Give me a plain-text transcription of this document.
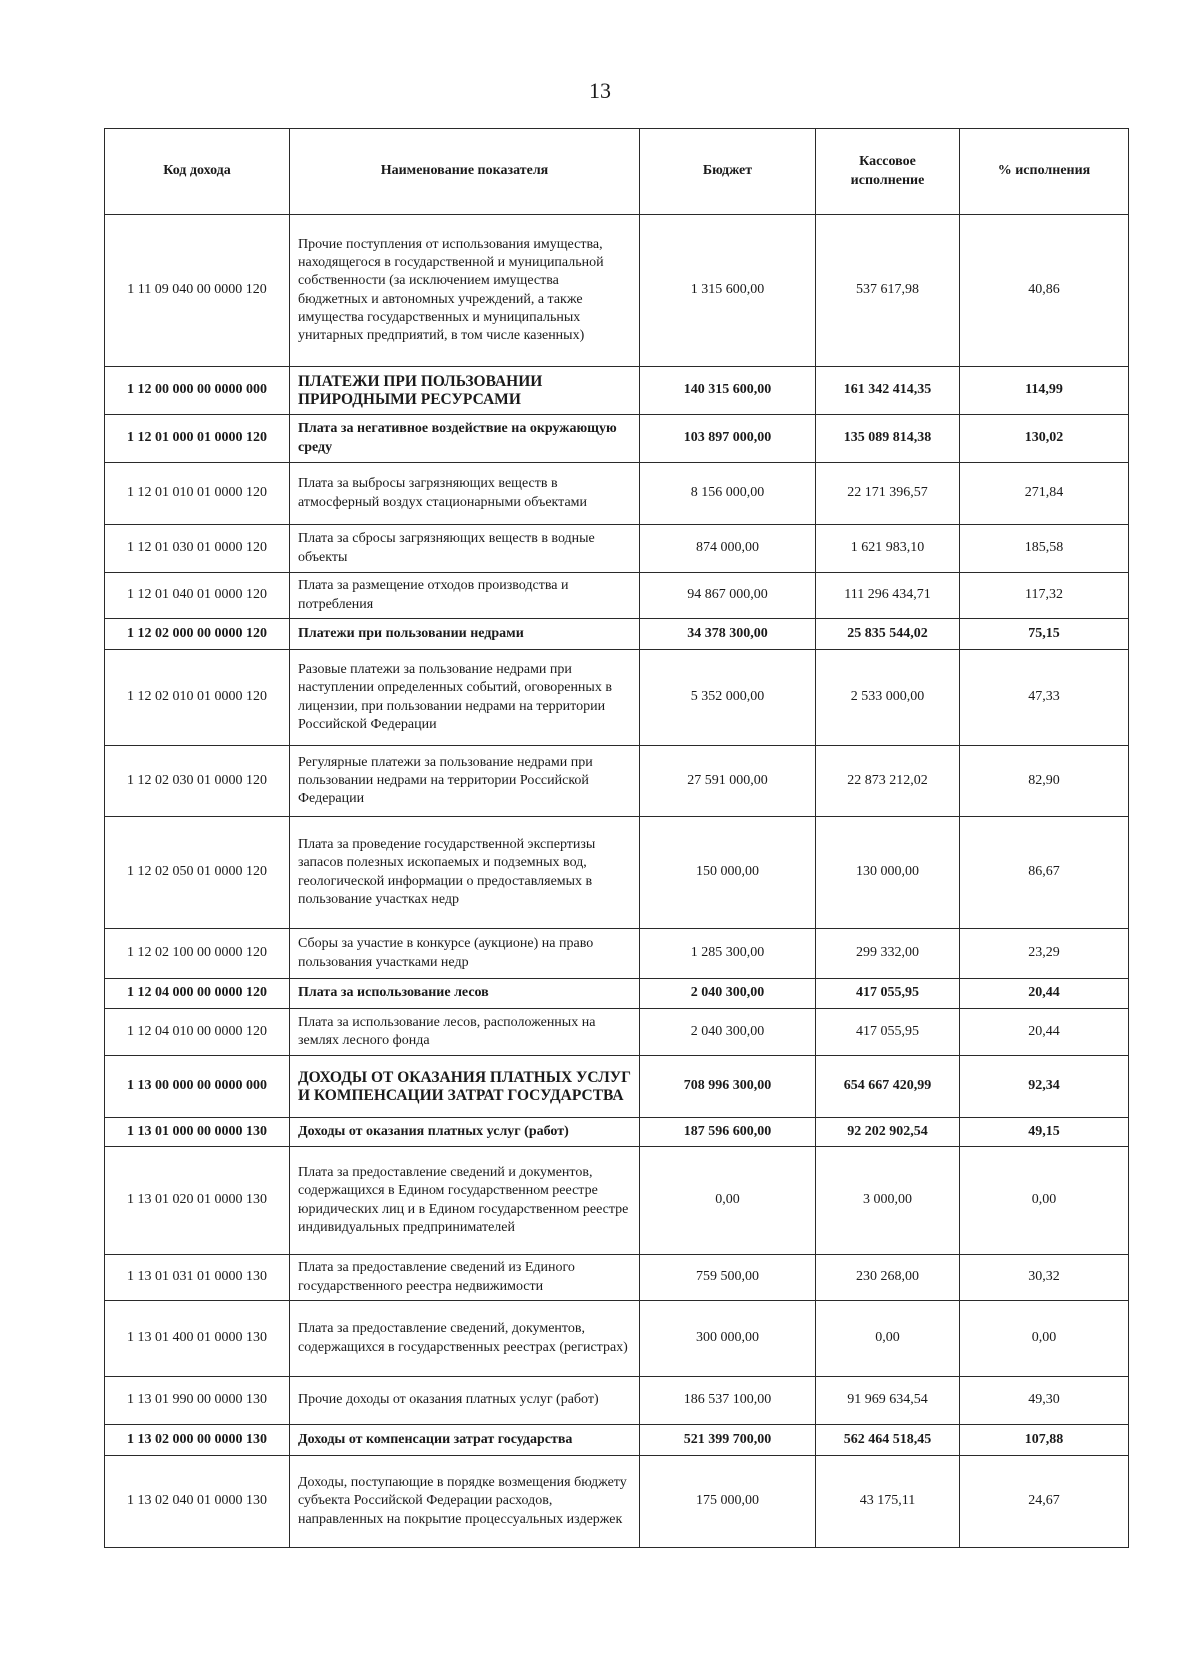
13
Код дохода	Наименование показателя	Бюджет	Кассовое исполнение	% исполнения
1 11 09 040 00 0000 120	Прочие поступления от использования имущества, находящегося в государственной и муниципальной собственности (за исключением имущества бюджетных и автономных учреждений, а также имущества государственных и муниципальных унитарных предприятий, в том числе казенных)	1 315 600,00	537 617,98	40,86
1 12 00 000 00 0000 000	ПЛАТЕЖИ ПРИ ПОЛЬЗОВАНИИ ПРИРОДНЫМИ РЕСУРСАМИ	140 315 600,00	161 342 414,35	114,99
1 12 01 000 01 0000 120	Плата за негативное воздействие на окружающую среду	103 897 000,00	135 089 814,38	130,02
1 12 01 010 01 0000 120	Плата за выбросы загрязняющих веществ в атмосферный воздух стационарными объектами	8 156 000,00	22 171 396,57	271,84
1 12 01 030 01 0000 120	Плата за сбросы загрязняющих веществ в водные объекты	874 000,00	1 621 983,10	185,58
1 12 01 040 01 0000 120	Плата за размещение отходов производства и потребления	94 867 000,00	111 296 434,71	117,32
1 12 02 000 00 0000 120	Платежи при пользовании недрами	34 378 300,00	25 835 544,02	75,15
1 12 02 010 01 0000 120	Разовые платежи за пользование недрами при наступлении определенных событий, оговоренных в лицензии, при пользовании недрами на территории Российской Федерации	5 352 000,00	2 533 000,00	47,33
1 12 02 030 01 0000 120	Регулярные платежи за пользование недрами при пользовании недрами на территории Российской Федерации	27 591 000,00	22 873 212,02	82,90
1 12 02 050 01 0000 120	Плата за проведение государственной экспертизы запасов полезных ископаемых и подземных вод, геологической информации о предоставляемых в пользование участках недр	150 000,00	130 000,00	86,67
1 12 02 100 00 0000 120	Сборы за участие в конкурсе (аукционе) на право пользования участками недр	1 285 300,00	299 332,00	23,29
1 12 04 000 00 0000 120	Плата за использование лесов	2 040 300,00	417 055,95	20,44
1 12 04 010 00 0000 120	Плата за использование лесов, расположенных на землях лесного фонда	2 040 300,00	417 055,95	20,44
1 13 00 000 00 0000 000	ДОХОДЫ ОТ ОКАЗАНИЯ ПЛАТНЫХ УСЛУГ И КОМПЕНСАЦИИ ЗАТРАТ ГОСУДАРСТВА	708 996 300,00	654 667 420,99	92,34
1 13 01 000 00 0000 130	Доходы от оказания платных услуг (работ)	187 596 600,00	92 202 902,54	49,15
1 13 01 020 01 0000 130	Плата за предоставление сведений и документов, содержащихся в Едином государственном реестре юридических лиц и в Едином государственном реестре индивидуальных предпринимателей	0,00	3 000,00	0,00
1 13 01 031 01 0000 130	Плата за предоставление сведений из Единого государственного реестра недвижимости	759 500,00	230 268,00	30,32
1 13 01 400 01 0000 130	Плата за предоставление сведений, документов, содержащихся в государственных реестрах (регистрах)	300 000,00	0,00	0,00
1 13 01 990 00 0000 130	Прочие доходы от оказания платных услуг (работ)	186 537 100,00	91 969 634,54	49,30
1 13 02 000 00 0000 130	Доходы от компенсации затрат государства	521 399 700,00	562 464 518,45	107,88
1 13 02 040 01 0000 130	Доходы, поступающие в порядке возмещения бюджету субъекта Российской Федерации расходов, направленных на покрытие процессуальных издержек	175 000,00	43 175,11	24,67
